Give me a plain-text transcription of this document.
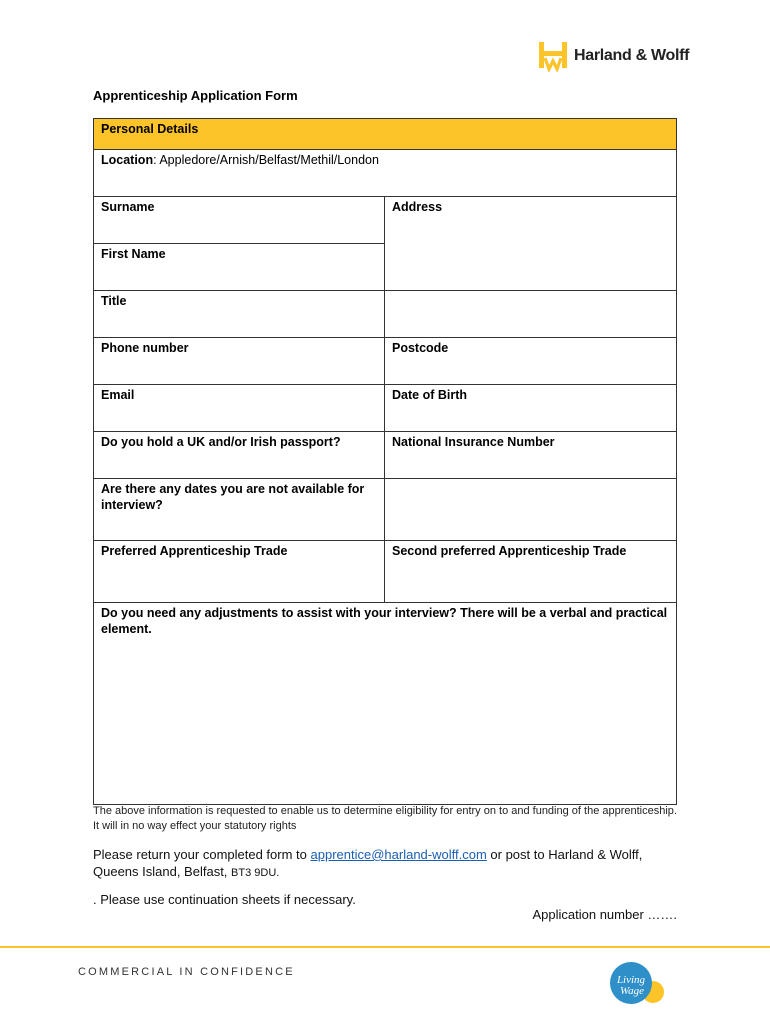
Harland & Wolff
Apprenticeship Application Form
Personal Details	
Location: Appledore/Arnish/Belfast/Methil/London	
Surname	Address
First Name	
Title	
Phone number	Postcode
Email	Date of Birth
Do you hold a UK and/or Irish passport?	National Insurance Number
Are there any dates you are not available for interview?	
Preferred Apprenticeship Trade	Second preferred Apprenticeship Trade
Do you need any adjustments to assist with your interview? There will be a verbal and practical element.	
The above information is requested to enable us to determine eligibility for entry on to and funding of the apprenticeship. It will in no way effect your statutory rights
Please return your completed form to apprentice@harland-wolff.com or post to Harland & Wolff, Queens Island, Belfast, BT3 9DU.
. Please use continuation sheets if necessary.
Application number …….
COMMERCIAL IN CONFIDENCE
Living
Wage
